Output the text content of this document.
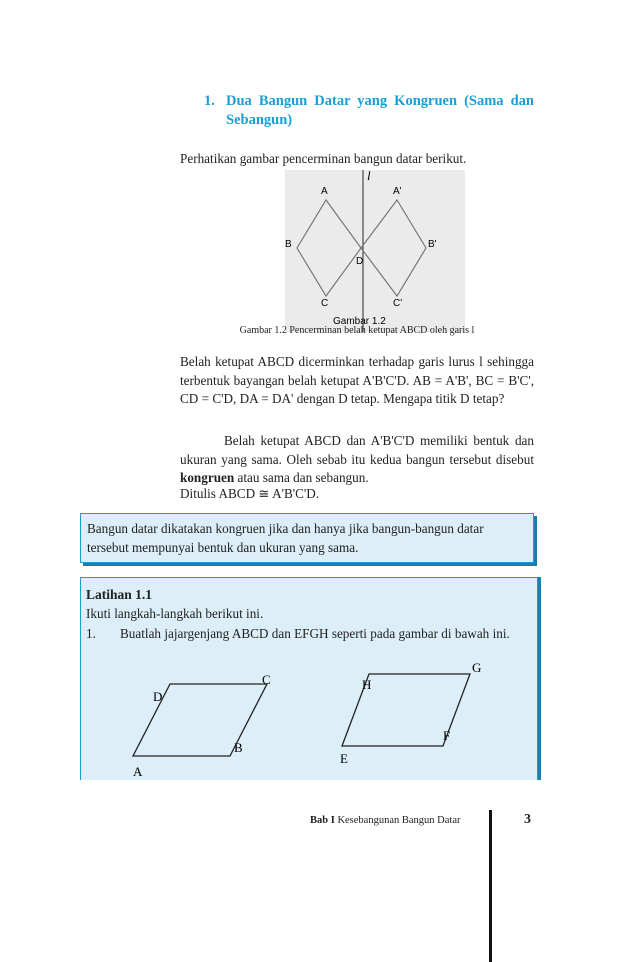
1. Dua Bangun Datar yang Kongruen (Sama dan Sebangun)
Perhatikan gambar pencerminan bangun datar berikut.
l
A	A'
B	B'
D
C	C'
Gambar 1.2
Gambar 1.2 Pencerminan belah ketupat ABCD oleh garis l
Belah ketupat ABCD dicerminkan terhadap garis lurus l sehingga terbentuk bayangan belah ketupat A'B'C'D. AB = A'B', BC = B'C', CD = C'D, DA = DA' dengan D tetap. Mengapa titik D tetap?
Belah ketupat ABCD dan A'B'C'D memiliki bentuk dan ukuran yang sama. Oleh sebab itu kedua bangun tersebut disebut kongruen atau sama dan sebangun.
Ditulis ABCD ≅ A'B'C'D.
Bangun datar dikatakan kongruen jika dan hanya jika bangun-bangun datar tersebut mempunyai bentuk dan ukuran yang sama.
Latihan 1.1
Ikuti langkah-langkah berikut ini.
1. Buatlah jajargenjang ABCD dan EFGH seperti pada gambar di bawah ini.
A
B
C
D
E
F
G
H
Bab I Kesebangunan Bangun Datar	3
